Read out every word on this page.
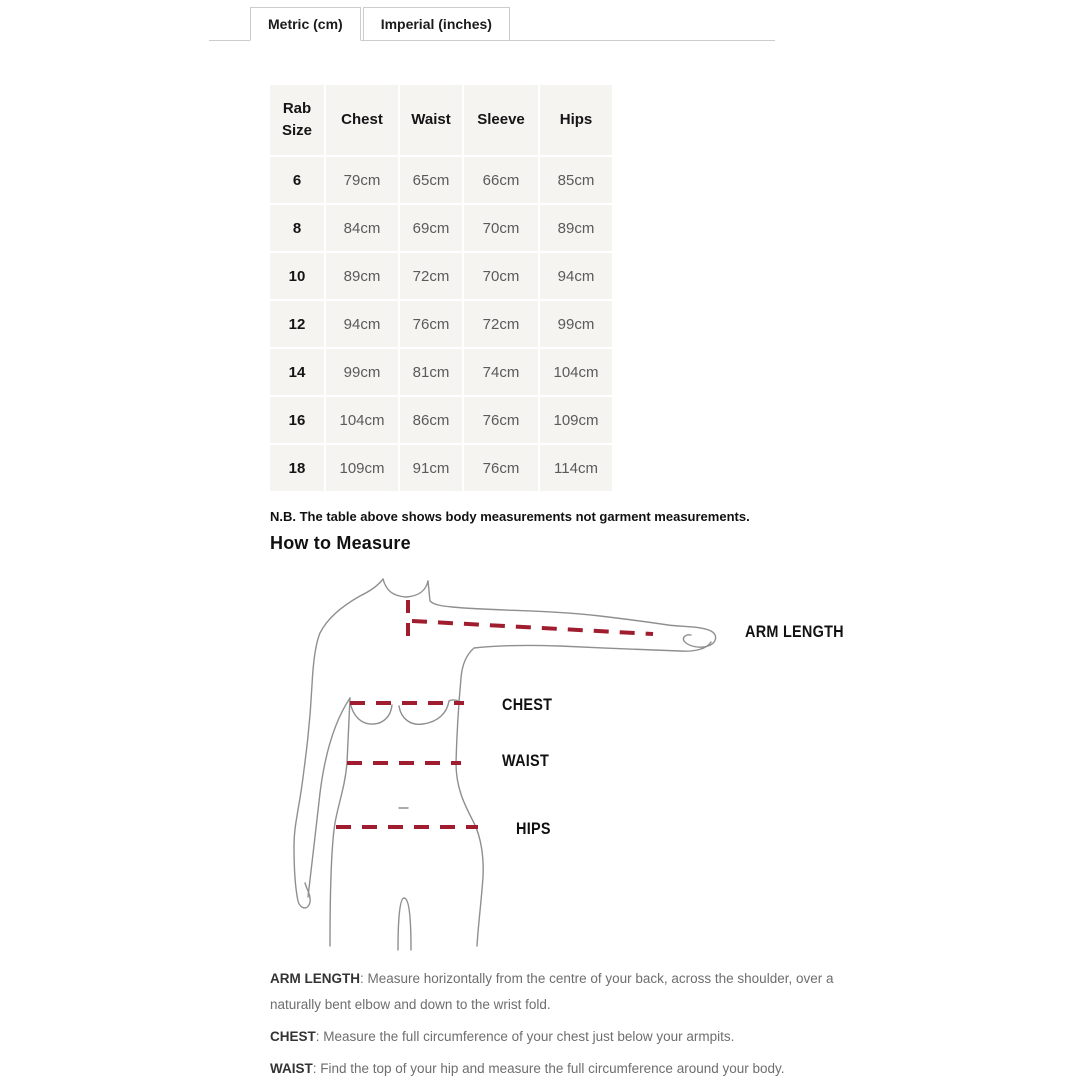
Metric (cm)	Imperial (inches)
Rab Size	Chest	Waist	Sleeve	Hips
6	79cm	65cm	66cm	85cm
8	84cm	69cm	70cm	89cm
10	89cm	72cm	70cm	94cm
12	94cm	76cm	72cm	99cm
14	99cm	81cm	74cm	104cm
16	104cm	86cm	76cm	109cm
18	109cm	91cm	76cm	114cm

N.B. The table above shows body measurements not garment measurements.

How to Measure
ARM LENGTH
CHEST
WAIST
HIPS

ARM LENGTH: Measure horizontally from the centre of your back, across the shoulder, over a naturally bent elbow and down to the wrist fold.

CHEST: Measure the full circumference of your chest just below your armpits.

WAIST: Find the top of your hip and measure the full circumference around your body.
